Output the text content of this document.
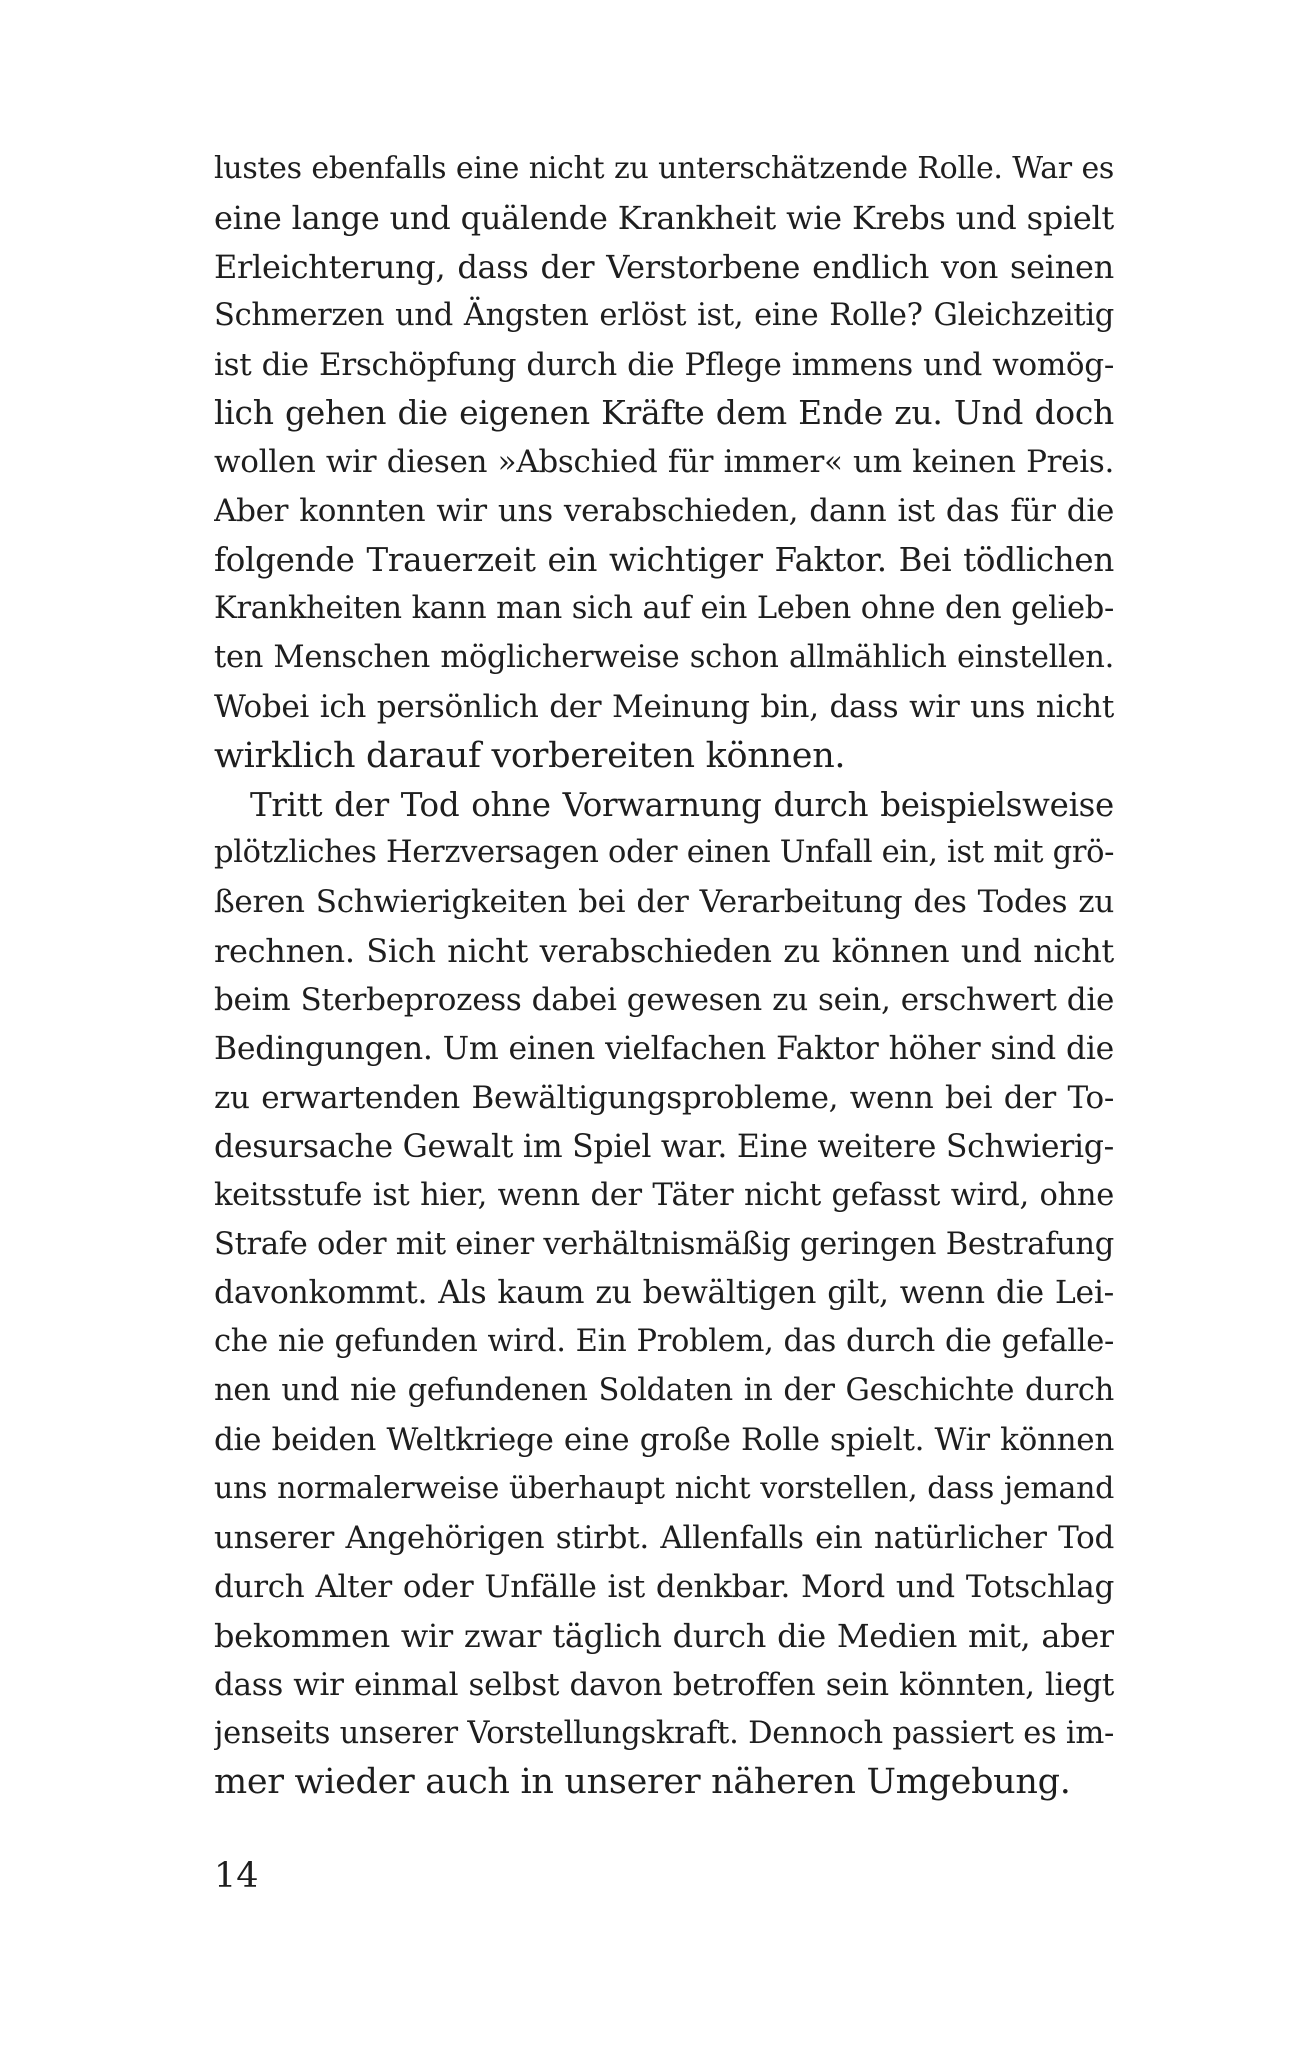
lustes ebenfalls eine nicht zu unterschätzende Rolle. War es
eine lange und quälende Krankheit wie Krebs und spielt
Erleichterung, dass der Verstorbene endlich von seinen
Schmerzen und Ängsten erlöst ist, eine Rolle? Gleichzeitig
ist die Erschöpfung durch die Pflege immens und womög-
lich gehen die eigenen Kräfte dem Ende zu. Und doch
wollen wir diesen »Abschied für immer« um keinen Preis.
Aber konnten wir uns verabschieden, dann ist das für die
folgende Trauerzeit ein wichtiger Faktor. Bei tödlichen
Krankheiten kann man sich auf ein Leben ohne den gelieb-
ten Menschen möglicherweise schon allmählich einstellen.
Wobei ich persönlich der Meinung bin, dass wir uns nicht
wirklich darauf vorbereiten können.
Tritt der Tod ohne Vorwarnung durch beispielsweise
plötzliches Herzversagen oder einen Unfall ein, ist mit grö-
ßeren Schwierigkeiten bei der Verarbeitung des Todes zu
rechnen. Sich nicht verabschieden zu können und nicht
beim Sterbeprozess dabei gewesen zu sein, erschwert die
Bedingungen. Um einen vielfachen Faktor höher sind die
zu erwartenden Bewältigungsprobleme, wenn bei der To-
desursache Gewalt im Spiel war. Eine weitere Schwierig-
keitsstufe ist hier, wenn der Täter nicht gefasst wird, ohne
Strafe oder mit einer verhältnismäßig geringen Bestrafung
davonkommt. Als kaum zu bewältigen gilt, wenn die Lei-
che nie gefunden wird. Ein Problem, das durch die gefalle-
nen und nie gefundenen Soldaten in der Geschichte durch
die beiden Weltkriege eine große Rolle spielt. Wir können
uns normalerweise überhaupt nicht vorstellen, dass jemand
unserer Angehörigen stirbt. Allenfalls ein natürlicher Tod
durch Alter oder Unfälle ist denkbar. Mord und Totschlag
bekommen wir zwar täglich durch die Medien mit, aber
dass wir einmal selbst davon betroffen sein könnten, liegt
jenseits unserer Vorstellungskraft. Dennoch passiert es im-
mer wieder auch in unserer näheren Umgebung.
14
